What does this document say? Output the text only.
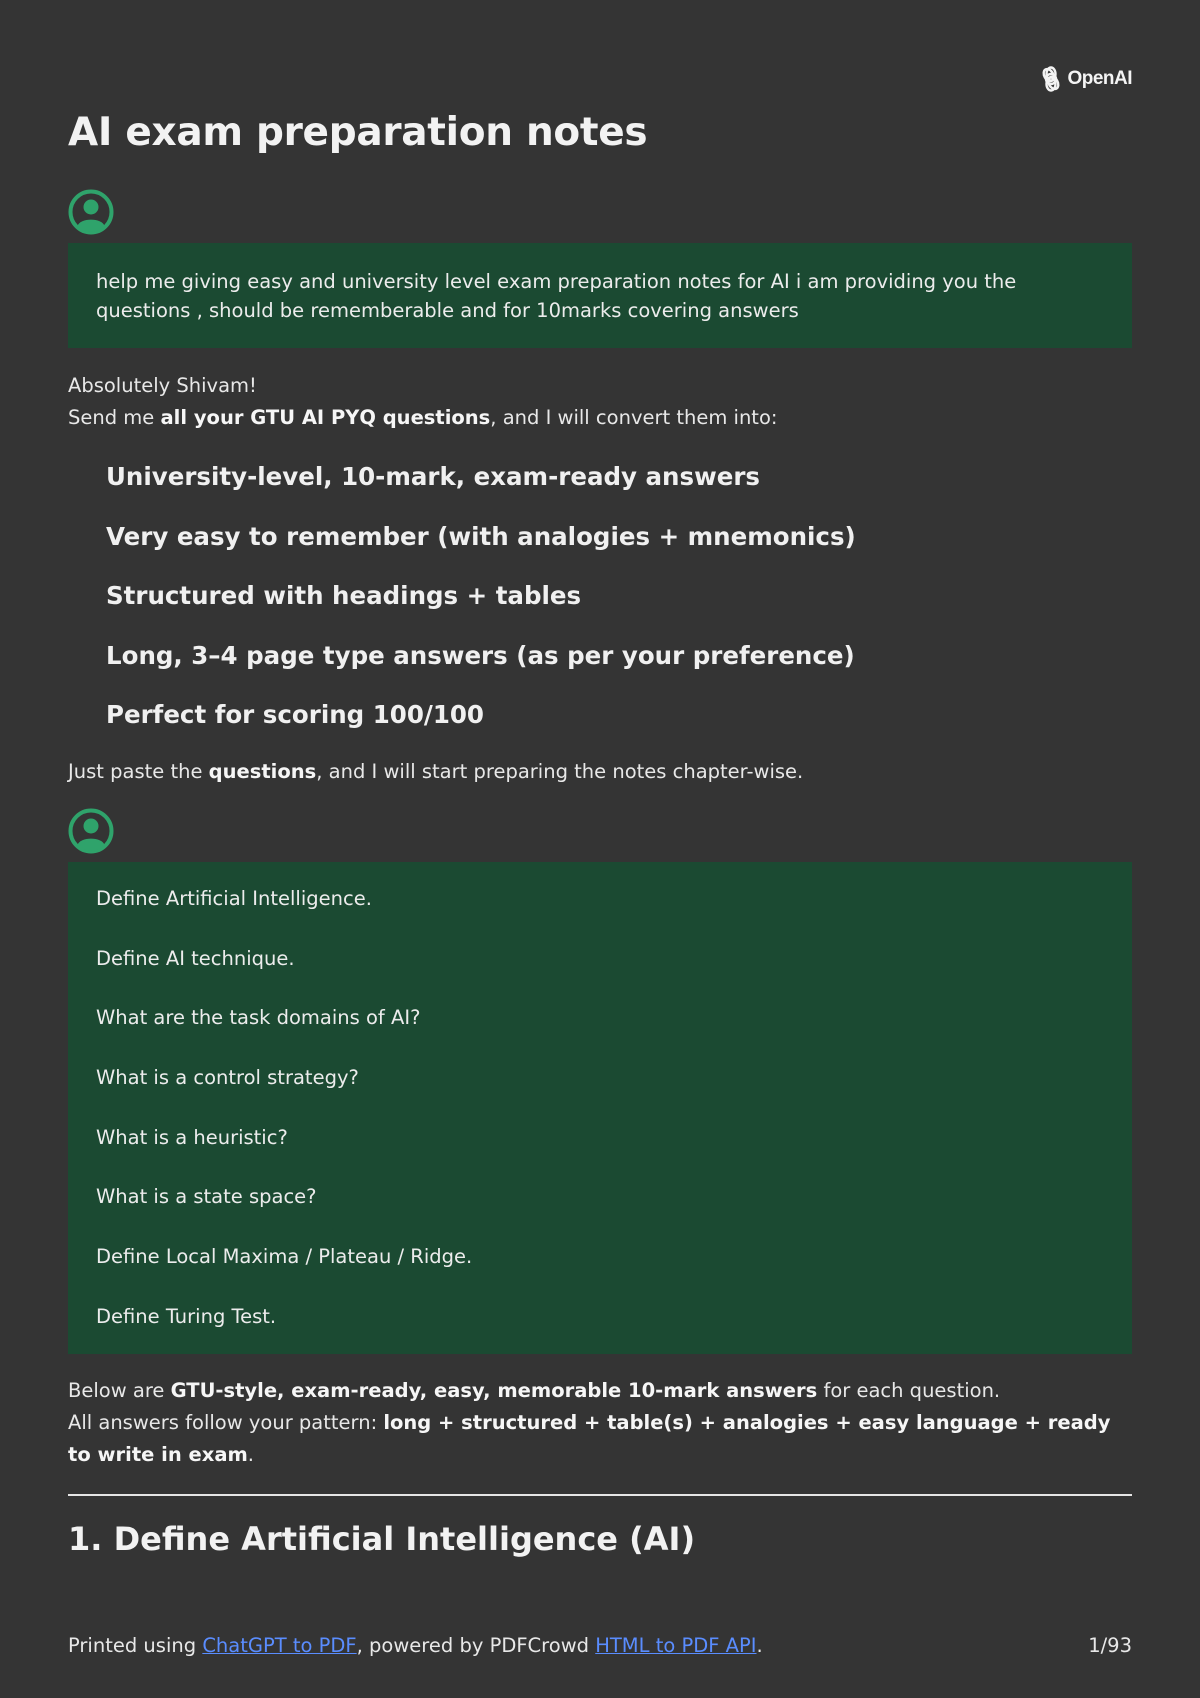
OpenAI
AI exam preparation notes

help me giving easy and university level exam preparation notes for AI i am providing you the questions , should be rememberable and for 10marks covering answers

Absolutely Shivam!

Send me all your GTU AI PYQ questions, and I will convert them into:

University-level, 10-mark, exam-ready answers
Very easy to remember (with analogies + mnemonics)
Structured with headings + tables
Long, 3–4 page type answers (as per your preference)
Perfect for scoring 100/100

Just paste the questions, and I will start preparing the notes chapter-wise.

Define Artificial Intelligence.
Define AI technique.
What are the task domains of AI?
What is a control strategy?
What is a heuristic?
What is a state space?
Define Local Maxima / Plateau / Ridge.
Define Turing Test.

Below are GTU-style, exam-ready, easy, memorable 10-mark answers for each question.

All answers follow your pattern: long + structured + table(s) + analogies + easy language + ready to write in exam.

1. Define Artificial Intelligence (AI)
Printed using ChatGPT to PDF, powered by PDFCrowd HTML to PDF API.	1/93
